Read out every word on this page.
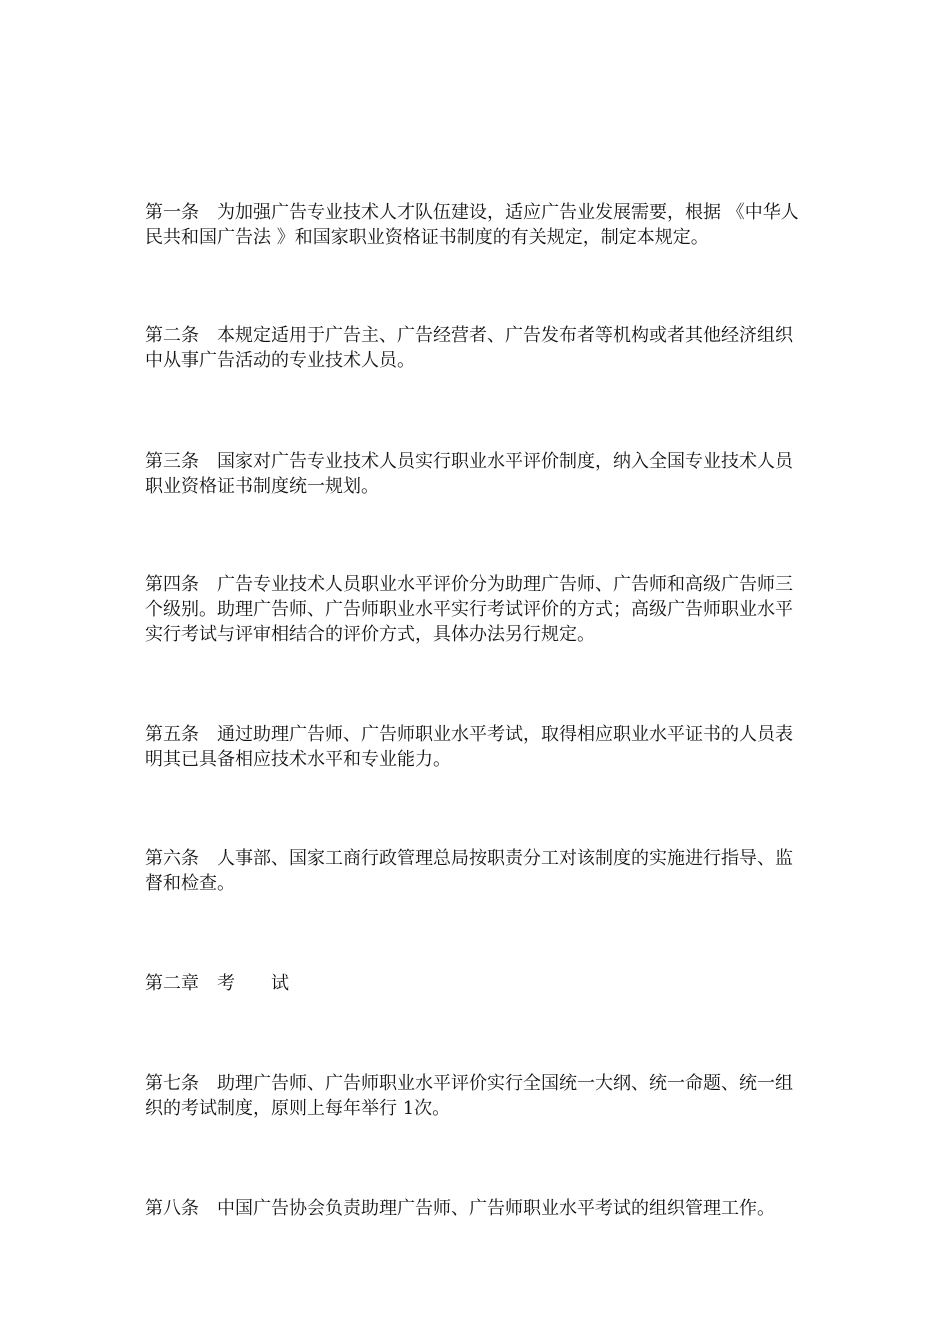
第一条 为加强广告专业技术人才队伍建设，适应广告业发展需要，根据 《中华人民共和国广告法 》和国家职业资格证书制度的有关规定，制定本规定。

第二条 本规定适用于广告主、广告经营者、广告发布者等机构或者其他经济组织中从事广告活动的专业技术人员。

第三条 国家对广告专业技术人员实行职业水平评价制度，纳入全国专业技术人员职业资格证书制度统一规划。

第四条 广告专业技术人员职业水平评价分为助理广告师、广告师和高级广告师三个级别。助理广告师、广告师职业水平实行考试评价的方式；高级广告师职业水平实行考试与评审相结合的评价方式，具体办法另行规定。

第五条 通过助理广告师、广告师职业水平考试，取得相应职业水平证书的人员表明其已具备相应技术水平和专业能力。

第六条 人事部、国家工商行政管理总局按职责分工对该制度的实施进行指导、监督和检查。

第二章 考　　试

第七条 助理广告师、广告师职业水平评价实行全国统一大纲、统一命题、统一组织的考试制度，原则上每年举行 1次。

第八条 中国广告协会负责助理广告师、广告师职业水平考试的组织管理工作。
